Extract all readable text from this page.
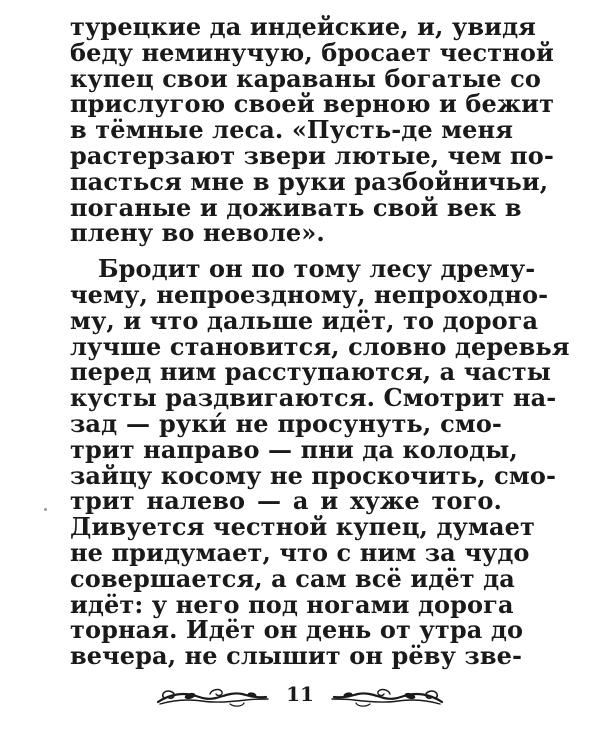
турецкие да индейские, и, увидя
беду неминучую, бросает честной
купец свои караваны богатые со
прислугою своей верною и бежит
в тёмные леса. «Пусть-де меня
растерзают звери лютые, чем по-
пасться мне в руки разбойничьи,
поганые и доживать свой век в
плену во неволе».
Бродит он по тому лесу дрему-
чему, непроездному, непроходно-
му, и что дальше идёт, то дорога
лучше становится, словно деревья
перед ним расступаются, а часты
кусты раздвигаются. Смотрит на-
зад — руки́ не просунуть, смо-
трит направо — пни да колоды,
зайцу косому не проскочить, смо-
трит налево — а и хуже того.
Дивуется честной купец, думает
не придумает, что с ним за чудо
совершается, а сам всё идёт да
идёт: у него под ногами дорога
торная. Идёт он день от утра до
вечера, не слышит он рёву зве-
11
